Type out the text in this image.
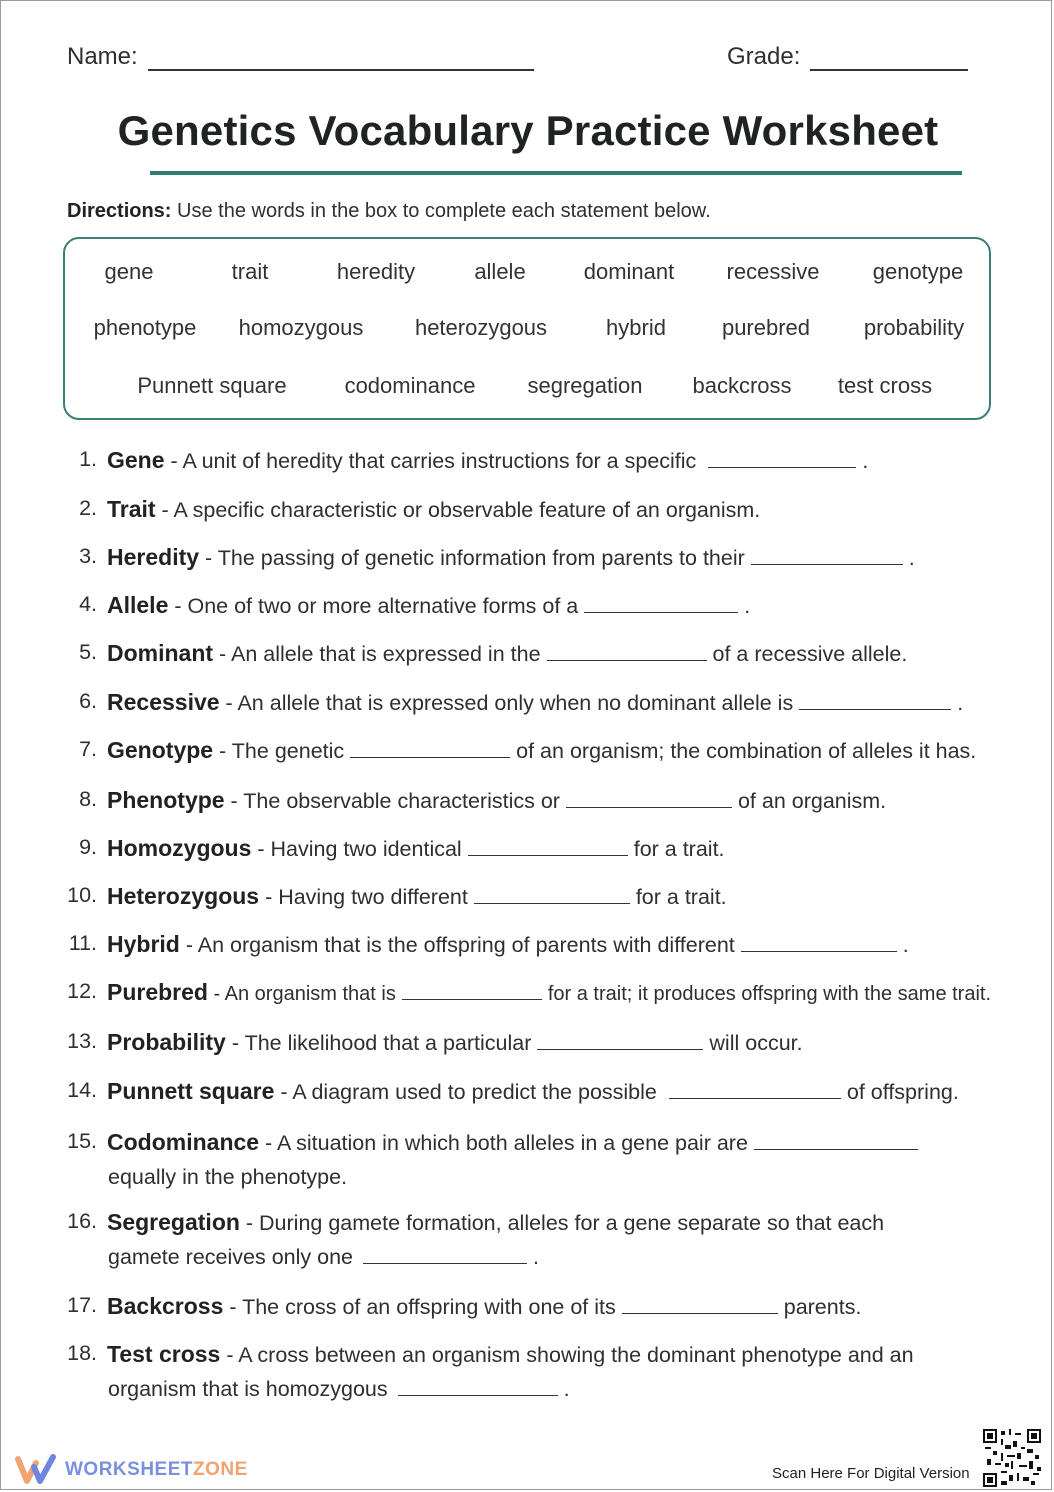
Name:	Grade:
Genetics Vocabulary Practice Worksheet
Directions: Use the words in the box to complete each statement below.
gene	trait	heredity	allele	dominant recessive genotype
phenotype homozygous heterozygous	hybrid	purebred probability
Punnett square	codominance segregation backcross test cross
1. Gene - A unit of heredity that carries instructions for a specific	.
2. Trait - A specific characteristic or observable feature of an organism.
3. Heredity - The passing of genetic information from parents to their	.
4. Allele - One of two or more alternative forms of a	.
5. Dominant - An allele that is expressed in the	of a recessive allele.
6. Recessive - An allele that is expressed only when no dominant allele is	.
7. Genotype - The genetic	of an organism; the combination of alleles it has.
8. Phenotype - The observable characteristics or	of an organism.
9. Homozygous - Having two identical	for a trait.
10. Heterozygous - Having two different	for a trait.
11. Hybrid - An organism that is the offspring of parents with different	.
12. Purebred - An organism that is	for a trait; it produces offspring with the same trait.
13. Probability - The likelihood that a particular	will occur.
14. Punnett square - A diagram used to predict the possible	of offspring.
15. Codominance - A situation in which both alleles in a gene pair are
equally in the phenotype.
16. Segregation - During gamete formation, alleles for a gene separate so that each
gamete receives only one	.
17. Backcross - The cross of an offspring with one of its	parents.
18. Test cross - A cross between an organism showing the dominant phenotype and an
organism that is homozygous	.
WORKSHEETZONE	Scan Here For Digital Version
